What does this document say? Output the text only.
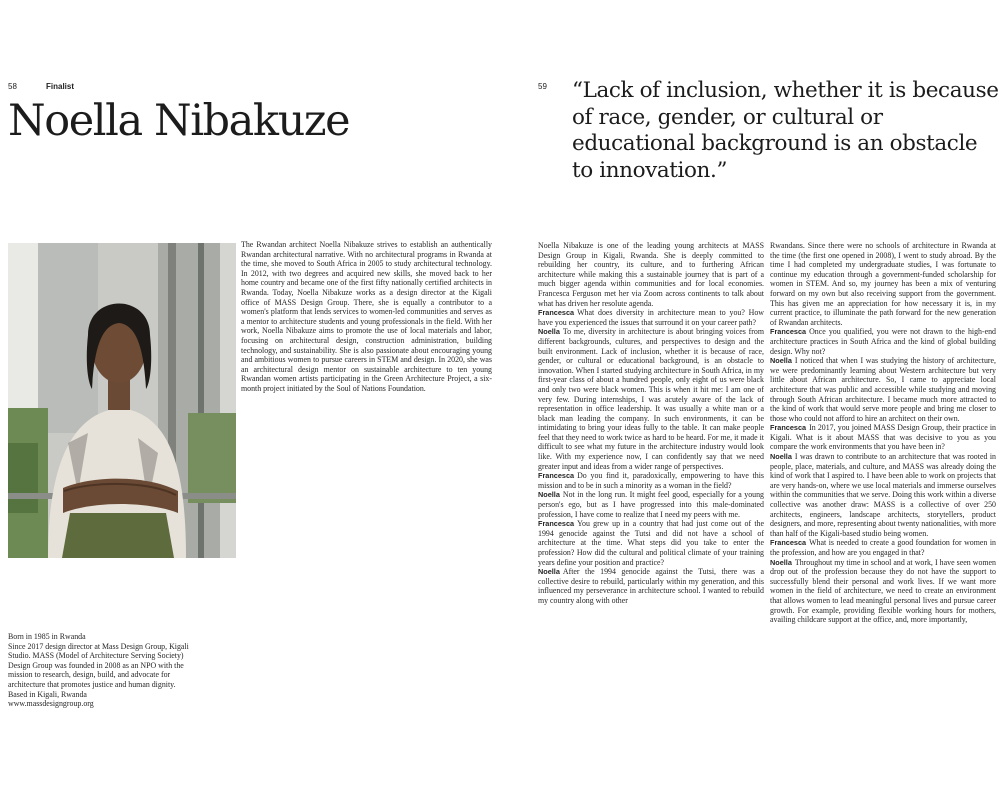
58	Finalist
Noella Nibakuze

The Rwandan architect Noella Nibakuze strives to establish an authentically Rwandan architectural narrative. With no architectural programs in Rwanda at the time, she moved to South Africa in 2005 to study architectural technology. In 2012, with two degrees and acquired new skills, she moved back to her home country and became one of the first fifty nationally certified architects in Rwanda. Today, Noella Nibakuze works as a design director at the Kigali office of MASS Design Group. There, she is equally a contributor to a women's platform that lends services to women-led communities and serves as a mentor to architecture students and young professionals in the field. With her work, Noella Nibakuze aims to promote the use of local materials and labor, focusing on architectural design, construction administration, building technology, and sustainability. She is also passionate about encouraging young and ambitious women to pursue careers in STEM and design. In 2020, she was an architectural design mentor on sustainable architecture to ten young Rwandan women artists participating in the Green Architecture Project, a six-month project initiated by the Soul of Nations Foundation.

Born in 1985 in Rwanda
Since 2017 design director at Mass Design Group, Kigali
Studio. MASS (Model of Architecture Serving Society)
Design Group was founded in 2008 as an NPO with the
mission to research, design, build, and advocate for
architecture that promotes justice and human dignity.
Based in Kigali, Rwanda
www.massdesigngroup.org
59 “Lack of inclusion, whether it is because of race, gender, or cultural or educational background is an obstacle to innovation.”

Noella Nibakuze is one of the leading young architects at MASS Design Group in Kigali, Rwanda. She is deeply committed to rebuilding her country, its culture, and to furthering African architecture while making this a sustainable journey that is part of a much bigger agenda within communities and for local economies. Francesca Ferguson met her via Zoom across continents to talk about what has driven her resolute agenda.

Francesca What does diversity in architecture mean to you? How have you experienced the issues that surround it on your career path?

Noella To me, diversity in architecture is about bringing voices from different backgrounds, cultures, and perspectives to design and the built environment. Lack of inclusion, whether it is because of race, gender, or cultural or educational background, is an obstacle to innovation. When I started studying architecture in South Africa, in my first-year class of about a hundred people, only eight of us were black and only two were black women. This is when it hit me: I am one of very few. During internships, I was acutely aware of the lack of representation in office leadership. It was usually a white man or a black man leading the company. In such environments, it can be intimidating to bring your ideas fully to the table. It can make people feel that they need to work twice as hard to be heard. For me, it made it difficult to see what my future in the architecture industry would look like. With my experience now, I can confidently say that we need greater input and ideas from a wider range of perspectives.

Francesca Do you find it, paradoxically, empowering to have this mission and to be in such a minority as a woman in the field?

Noella Not in the long run. It might feel good, especially for a young person's ego, but as I have progressed into this male-dominated profession, I have come to realize that I need my peers with me.

Francesca You grew up in a country that had just come out of the 1994 genocide against the Tutsi and did not have a school of architecture at the time. What steps did you take to enter the profession? How did the cultural and political climate of your training years define your position and practice?

Noella After the 1994 genocide against the Tutsi, there was a collective desire to rebuild, particularly within my generation, and this influenced my perseverance in architecture school. I wanted to rebuild my country along with other

Rwandans. Since there were no schools of architecture in Rwanda at the time (the first one opened in 2008), I went to study abroad. By the time I had completed my undergraduate studies, I was fortunate to continue my education through a government-funded scholarship for women in STEM. And so, my journey has been a mix of venturing forward on my own but also receiving support from the government. This has given me an appreciation for how necessary it is, in my current practice, to illuminate the path forward for the new generation of Rwandan architects.

Francesca Once you qualified, you were not drawn to the high-end architecture practices in South Africa and the kind of global building design. Why not?

Noella I noticed that when I was studying the history of architecture, we were predominantly learning about Western architecture but very little about African architecture. So, I came to appreciate local architecture that was public and accessible while studying and moving through South African architecture. I became much more attracted to the kind of work that would serve more people and bring me closer to those who could not afford to hire an architect on their own.

Francesca In 2017, you joined MASS Design Group, their practice in Kigali. What is it about MASS that was decisive to you as you compare the work environments that you have been in?

Noella I was drawn to contribute to an architecture that was rooted in people, place, materials, and culture, and MASS was already doing the kind of work that I aspired to. I have been able to work on projects that are very hands-on, where we use local materials and immerse ourselves within the communities that we serve. Doing this work within a diverse collective was another draw: MASS is a collective of over 250 architects, engineers, landscape architects, storytellers, product designers, and more, representing about twenty nationalities, with more than half of the Kigali-based studio being women.

Francesca What is needed to create a good foundation for women in the profession, and how are you engaged in that?

Noella Throughout my time in school and at work, I have seen women drop out of the profession because they do not have the support to successfully blend their personal and work lives. If we want more women in the field of architecture, we need to create an environment that allows women to lead meaningful personal lives and pursue career growth. For example, providing flexible working hours for mothers, availing childcare support at the office, and, more importantly,
